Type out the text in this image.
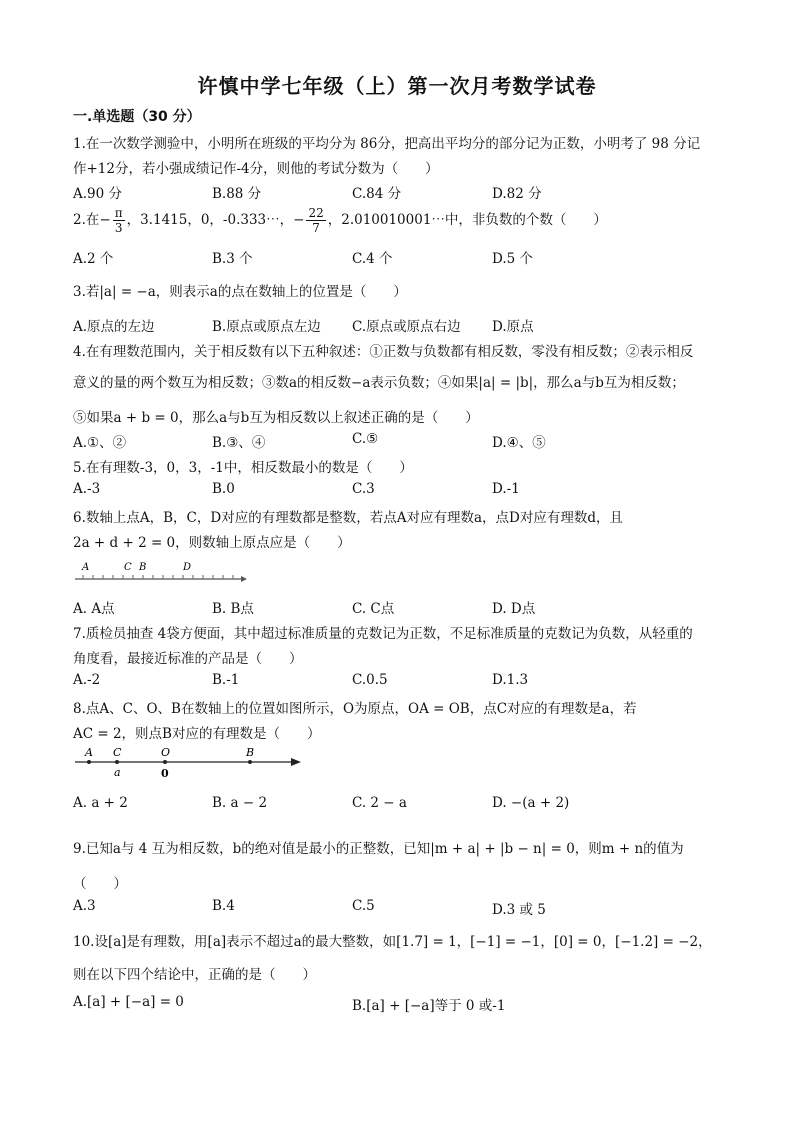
许慎中学七年级（上）第一次月考数学试卷
一.单选题（30 分）
1.在一次数学测验中，小明所在班级的平均分为 86分，把高出平均分的部分记为正数，小明考了 98 分记
作+12分，若小强成绩记作-4分，则他的考试分数为（　　）
A.90 分	B.88 分	C.84 分	D.82 分
2.在− $\frac{\pi}{3}$ ，3.1415，0，-0.333⋯，− $\frac{22}{7}$ ，2.010010001⋯中，非负数的个数（　　）
A.2 个	B.3 个	C.4 个	D.5 个
3.若|a| = −a，则表示a的点在数轴上的位置是（　　）
A.原点的左边	B.原点或原点左边 C.原点或原点右边 D.原点
4.在有理数范围内，关于相反数有以下五种叙述：①正数与负数都有相反数，零没有相反数；②表示相反
意义的量的两个数互为相反数；③数a的相反数−a表示负数；④如果|a| = |b|，那么a与b互为相反数；
⑤如果a + b = 0，那么a与b互为相反数以上叙述正确的是（　　）
A.①、②	B.③、④	C.⑤	D.④、⑤
5.在有理数-3，0，3，-1中，相反数最小的数是（　　）
A.-3	B.0	C.3	D.-1
6.数轴上点A，B，C，D对应的有理数都是整数，若点A对应有理数a，点D对应有理数d，且
2a + d + 2 = 0，则数轴上原点应是（　　）
A	C B	D
A. A点	B. B点	C. C点	D. D点
7.质检员抽查 4袋方便面，其中超过标准质量的克数记为正数，不足标准质量的克数记为负数，从轻重的
角度看，最接近标准的产品是（　　）
A.-2	B.-1	C.0.5	D.1.3
8.点A、C、O、B在数轴上的位置如图所示，O为原点，OA = OB，点C对应的有理数是a，若
AC = 2，则点B对应的有理数是（　　）
A C	O	B
a	0
A. a + 2	B. a − 2	C. 2 − a	D. −(a + 2)
9.已知a与 4 互为相反数，b的绝对值是最小的正整数，已知|m + a| + |b − n| = 0，则m + n的值为
（　　）
A.3	B.4	C.5	D.3 或 5
10.设[a]是有理数，用[a]表示不超过a的最大整数，如[1.7] = 1，[−1] = −1，[0] = 0，[−1.2] = −2，
则在以下四个结论中，正确的是（　　）
A.[a] + [−a] = 0	B.[a] + [−a]等于 0 或-1
